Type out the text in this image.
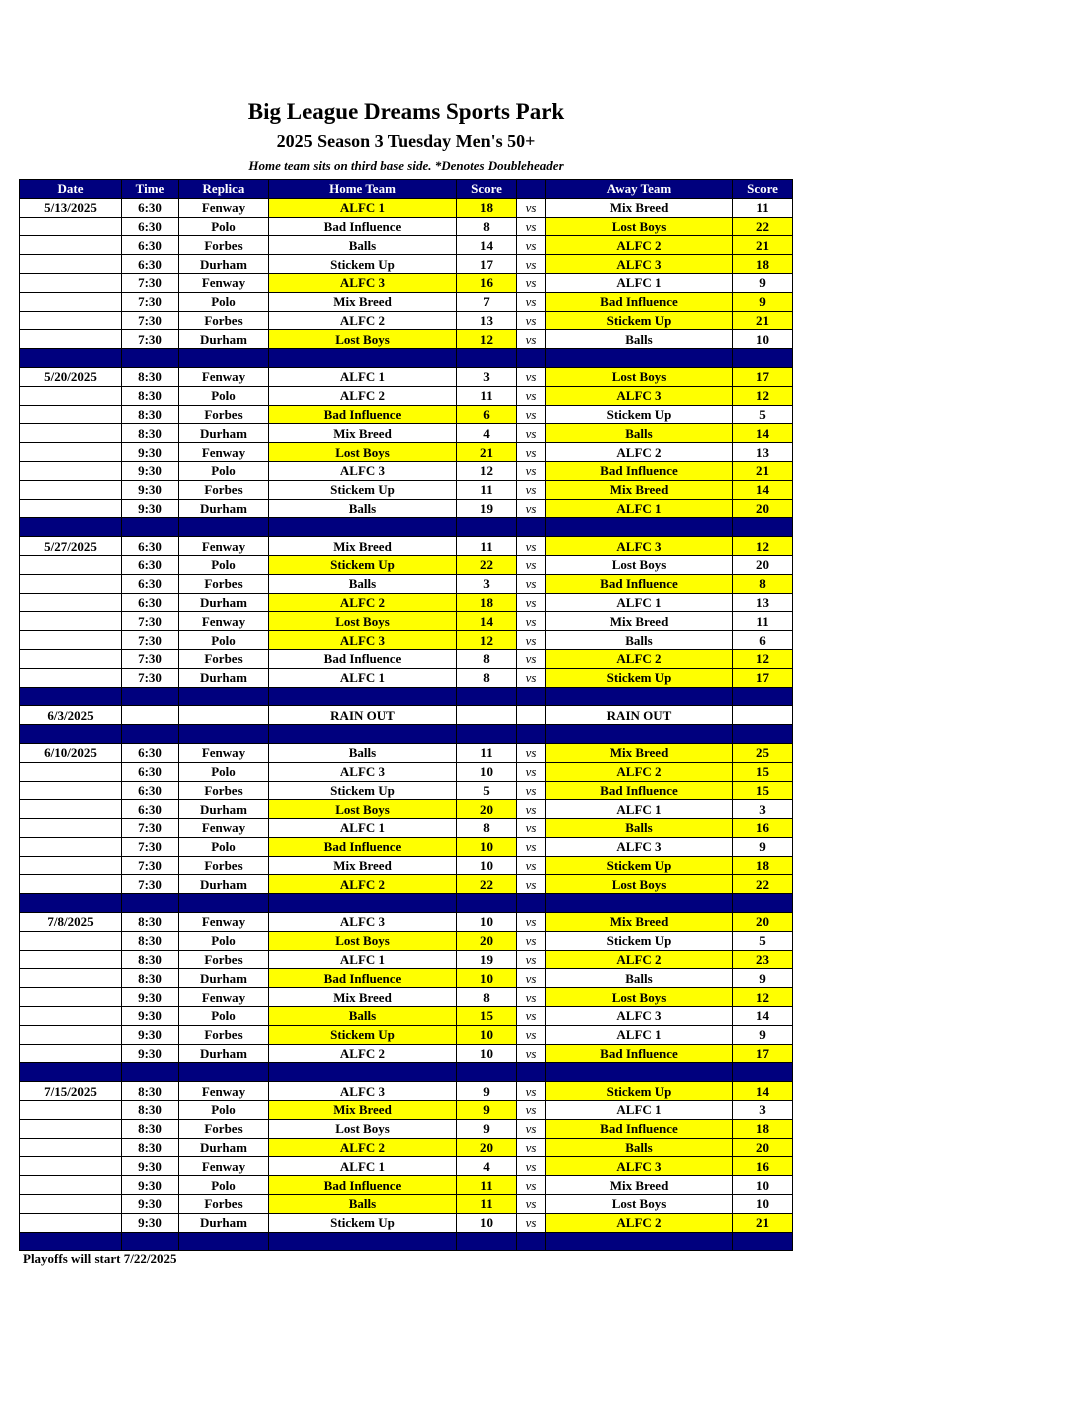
Big League Dreams Sports Park
2025 Season 3 Tuesday Men's 50+
Home team sits on third base side. *Denotes Doubleheader
Date	Time	Replica	Home Team	Score		Away Team	Score
5/13/2025	6:30	Fenway	ALFC 1	18	vs	Mix Breed	11
	6:30	Polo	Bad Influence	8	vs	Lost Boys	22
	6:30	Forbes	Balls	14	vs	ALFC 2	21
	6:30	Durham	Stickem Up	17	vs	ALFC 3	18
	7:30	Fenway	ALFC 3	16	vs	ALFC 1	9
	7:30	Polo	Mix Breed	7	vs	Bad Influence	9
	7:30	Forbes	ALFC 2	13	vs	Stickem Up	21
	7:30	Durham	Lost Boys	12	vs	Balls	10

5/20/2025	8:30	Fenway	ALFC 1	3	vs	Lost Boys	17
	8:30	Polo	ALFC 2	11	vs	ALFC 3	12
	8:30	Forbes	Bad Influence	6	vs	Stickem Up	5
	8:30	Durham	Mix Breed	4	vs	Balls	14
	9:30	Fenway	Lost Boys	21	vs	ALFC 2	13
	9:30	Polo	ALFC 3	12	vs	Bad Influence	21
	9:30	Forbes	Stickem Up	11	vs	Mix Breed	14
	9:30	Durham	Balls	19	vs	ALFC 1	20

5/27/2025	6:30	Fenway	Mix Breed	11	vs	ALFC 3	12
	6:30	Polo	Stickem Up	22	vs	Lost Boys	20
	6:30	Forbes	Balls	3	vs	Bad Influence	8
	6:30	Durham	ALFC 2	18	vs	ALFC 1	13
	7:30	Fenway	Lost Boys	14	vs	Mix Breed	11
	7:30	Polo	ALFC 3	12	vs	Balls	6
	7:30	Forbes	Bad Influence	8	vs	ALFC 2	12
	7:30	Durham	ALFC 1	8	vs	Stickem Up	17

6/3/2025			RAIN OUT			RAIN OUT	

6/10/2025	6:30	Fenway	Balls	11	vs	Mix Breed	25
	6:30	Polo	ALFC 3	10	vs	ALFC 2	15
	6:30	Forbes	Stickem Up	5	vs	Bad Influence	15
	6:30	Durham	Lost Boys	20	vs	ALFC 1	3
	7:30	Fenway	ALFC 1	8	vs	Balls	16
	7:30	Polo	Bad Influence	10	vs	ALFC 3	9
	7:30	Forbes	Mix Breed	10	vs	Stickem Up	18
	7:30	Durham	ALFC 2	22	vs	Lost Boys	22

7/8/2025	8:30	Fenway	ALFC 3	10	vs	Mix Breed	20
	8:30	Polo	Lost Boys	20	vs	Stickem Up	5
	8:30	Forbes	ALFC 1	19	vs	ALFC 2	23
	8:30	Durham	Bad Influence	10	vs	Balls	9
	9:30	Fenway	Mix Breed	8	vs	Lost Boys	12
	9:30	Polo	Balls	15	vs	ALFC 3	14
	9:30	Forbes	Stickem Up	10	vs	ALFC 1	9
	9:30	Durham	ALFC 2	10	vs	Bad Influence	17

7/15/2025	8:30	Fenway	ALFC 3	9	vs	Stickem Up	14
	8:30	Polo	Mix Breed	9	vs	ALFC 1	3
	8:30	Forbes	Lost Boys	9	vs	Bad Influence	18
	8:30	Durham	ALFC 2	20	vs	Balls	20
	9:30	Fenway	ALFC 1	4	vs	ALFC 3	16
	9:30	Polo	Bad Influence	11	vs	Mix Breed	10
	9:30	Forbes	Balls	11	vs	Lost Boys	10
	9:30	Durham	Stickem Up	10	vs	ALFC 2	21

Playoffs will start 7/22/2025
